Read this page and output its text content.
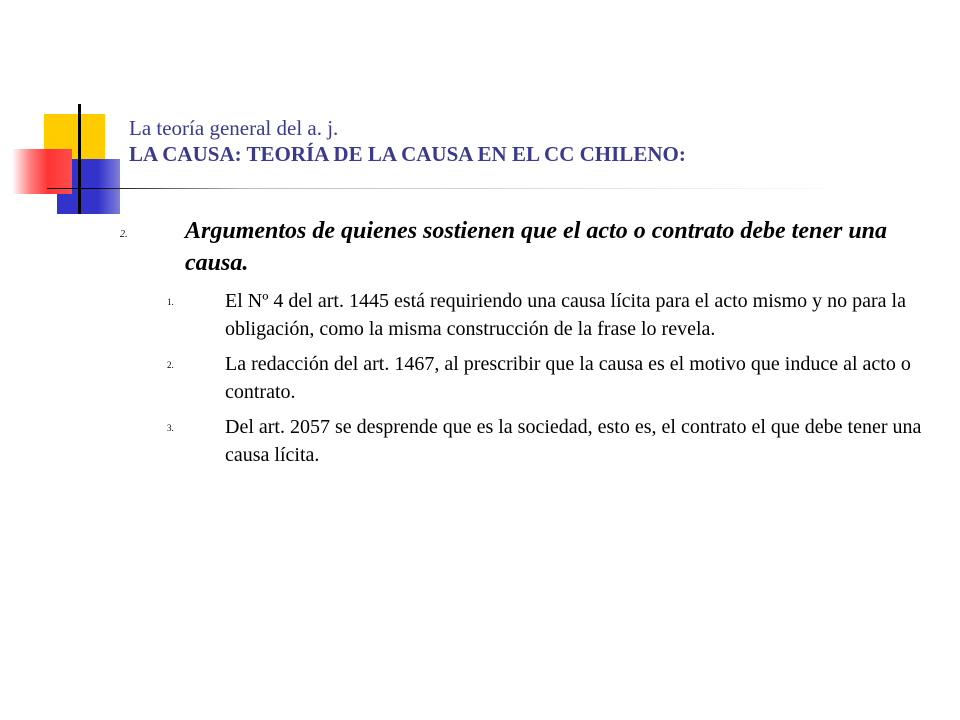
La teoría general del a. j.
LA CAUSA: TEORÍA DE LA CAUSA EN EL CC CHILENO:
2. Argumentos de quienes sostienen que el acto o contrato debe tener una causa.
1.	El Nº 4 del art. 1445 está requiriendo una causa lícita para el acto mismo y no para la obligación, como la misma construcción de la frase lo revela.
2.	La redacción del art. 1467, al prescribir que la causa es el motivo que induce al acto o contrato.
3.	Del art. 2057 se desprende que es la sociedad, esto es, el contrato el que debe tener una causa lícita.
